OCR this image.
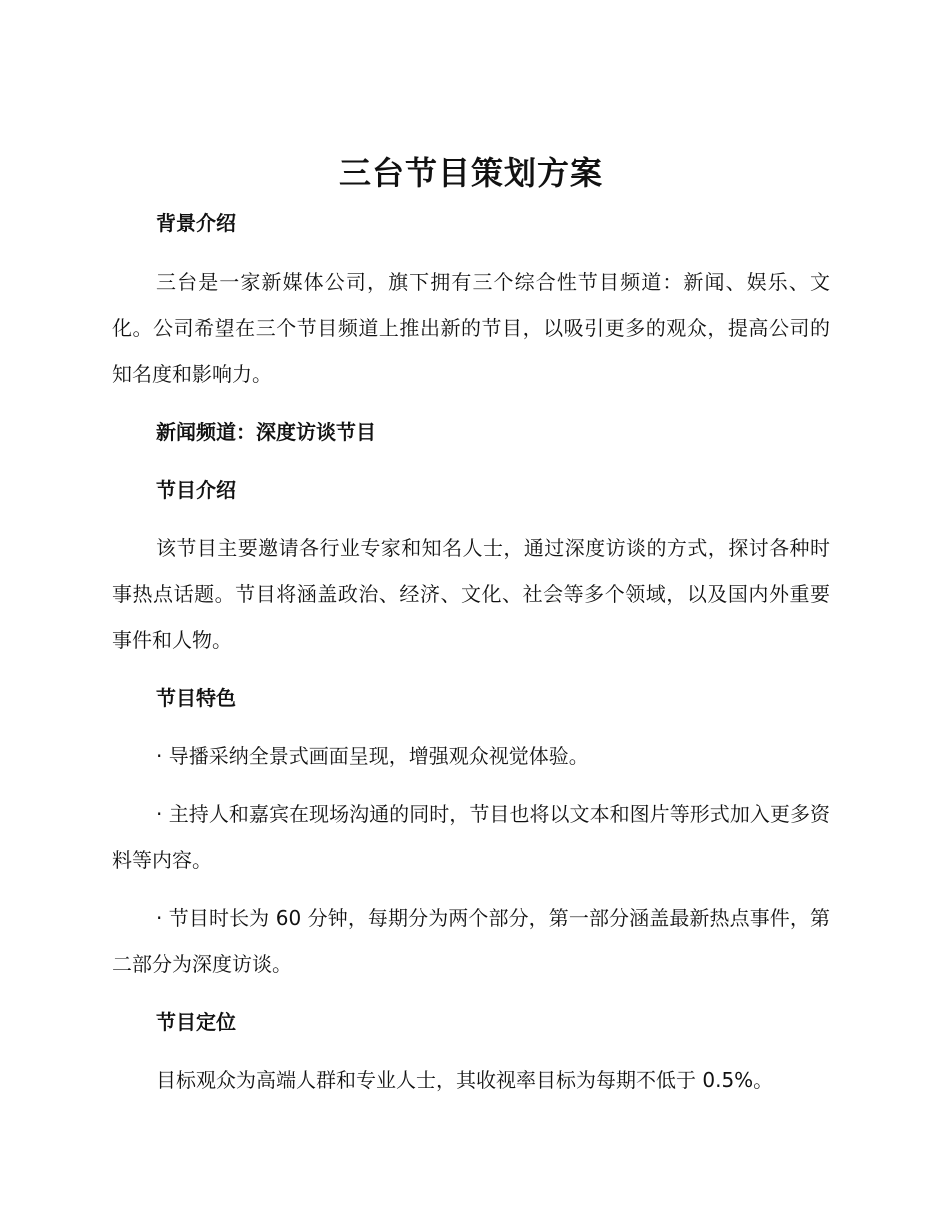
三台节目策划方案
背景介绍

三台是一家新媒体公司，旗下拥有三个综合性节目频道：新闻、娱乐、文化。公司希望在三个节目频道上推出新的节目，以吸引更多的观众，提高公司的知名度和影响力。

新闻频道：深度访谈节目
节目介绍

该节目主要邀请各行业专家和知名人士，通过深度访谈的方式，探讨各种时事热点话题。节目将涵盖政治、经济、文化、社会等多个领域，以及国内外重要事件和人物。

节目特色

· 导播采纳全景式画面呈现，增强观众视觉体验。

· 主持人和嘉宾在现场沟通的同时，节目也将以文本和图片等形式加入更多资料等内容。

· 节目时长为 60 分钟，每期分为两个部分，第一部分涵盖最新热点事件，第二部分为深度访谈。

节目定位

目标观众为高端人群和专业人士，其收视率目标为每期不低于 0.5%。
